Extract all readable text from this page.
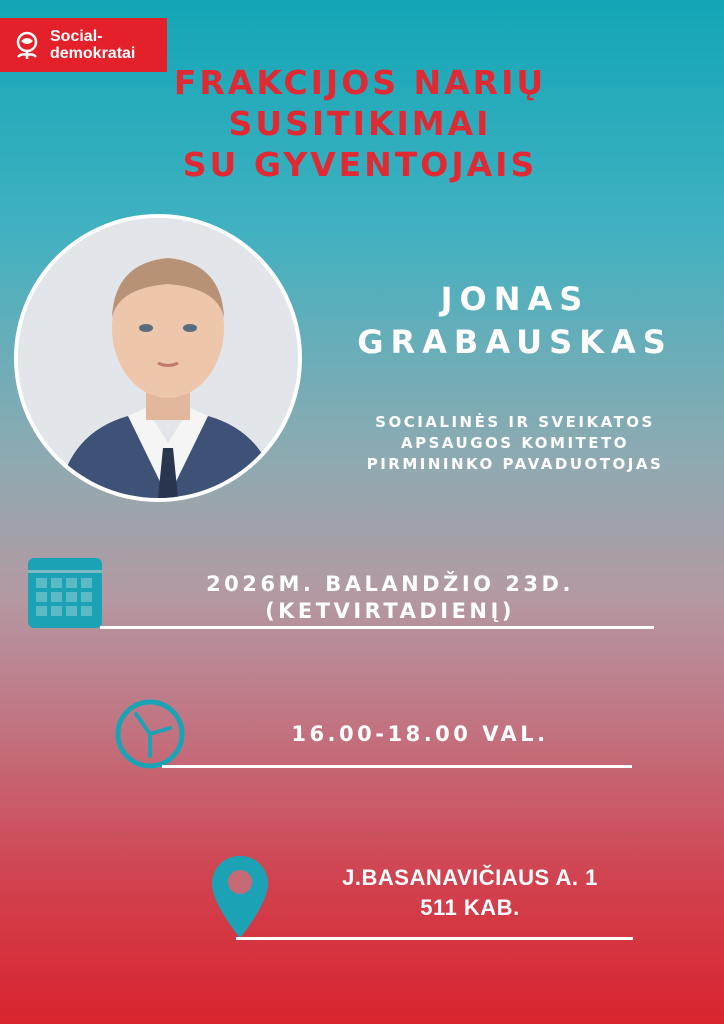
Social-
demokratai
FRAKCIJOS NARIŲ
SUSITIKIMAI
SU GYVENTOJAIS
JONAS
GRABAUSKAS
SOCIALINĖS IR SVEIKATOS
APSAUGOS KOMITETO
PIRMININKO PAVADUOTOJAS
2026M. BALANDŽIO 23D.
(KETVIRTADIENĮ)
16.00-18.00 VAL.
J.BASANAVIČIAUS A. 1
511 KAB.
